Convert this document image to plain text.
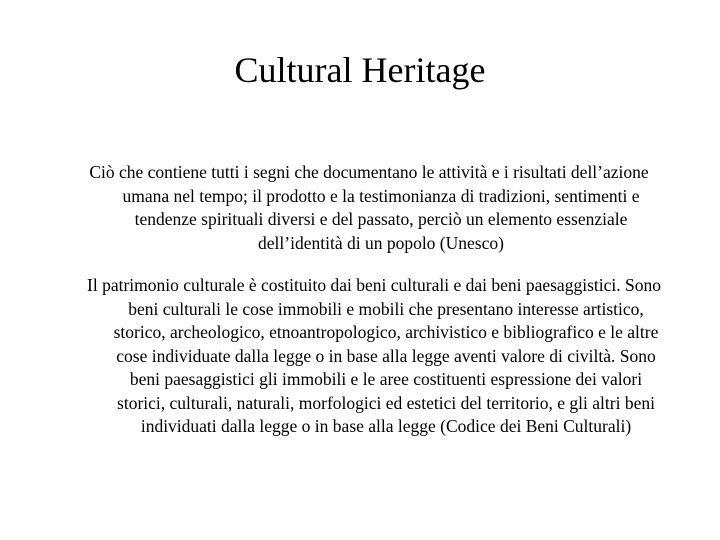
Cultural Heritage

Ciò che contiene tutti i segni che documentano le attività e i risultati dell’azione umana nel tempo; il prodotto e la testimonianza di tradizioni, sentimenti e tendenze spirituali diversi e del passato, perciò un elemento essenziale dell’identità di un popolo (Unesco)

Il patrimonio culturale è costituito dai beni culturali e dai beni paesaggistici. Sono beni culturali le cose immobili e mobili che presentano interesse artistico, storico, archeologico, etnoantropologico, archivistico e bibliografico e le altre cose individuate dalla legge o in base alla legge aventi valore di civiltà. Sono beni paesaggistici gli immobili e le aree costituenti espressione dei valori storici, culturali, naturali, morfologici ed estetici del territorio, e gli altri beni individuati dalla legge o in base alla legge (Codice dei Beni Culturali)
